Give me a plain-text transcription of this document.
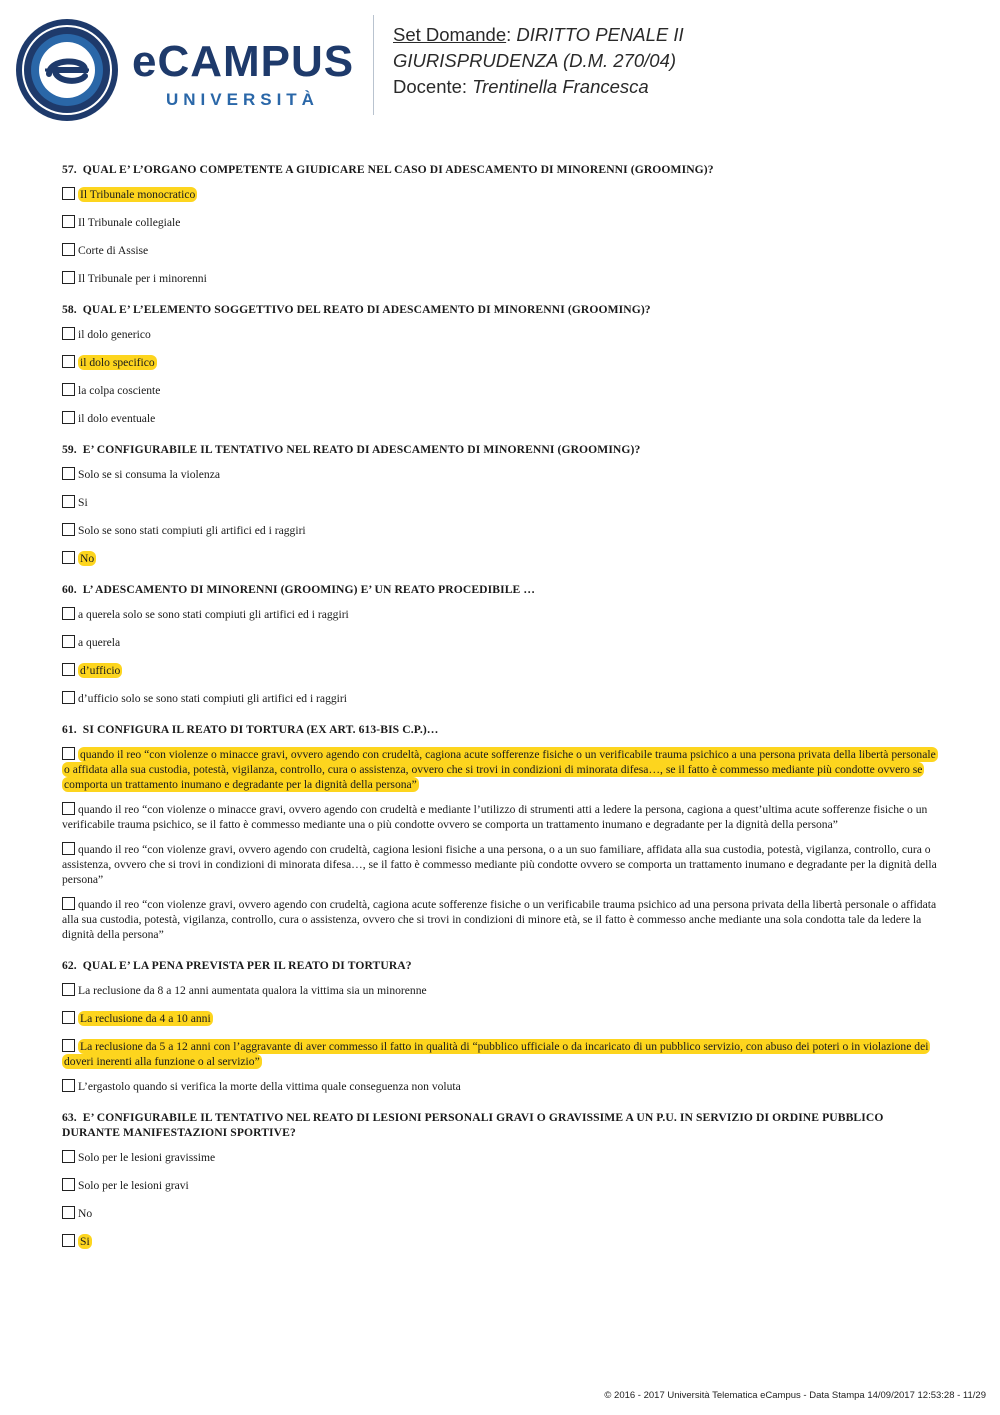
eCAMPUS
UNIVERSITÀ
Set Domande: DIRITTO PENALE II
GIURISPRUDENZA (D.M. 270/04)
Docente: Trentinella Francesca
57. QUAL E’ L’ORGANO COMPETENTE A GIUDICARE NEL CASO DI ADESCAMENTO DI MINORENNI (GROOMING)?
Il Tribunale monocratico
Il Tribunale collegiale
Corte di Assise
Il Tribunale per i minorenni
58. QUAL E’ L’ELEMENTO SOGGETTIVO DEL REATO DI ADESCAMENTO DI MINORENNI (GROOMING)?
il dolo generico
il dolo specifico
la colpa cosciente
il dolo eventuale
59. E’ CONFIGURABILE IL TENTATIVO NEL REATO DI ADESCAMENTO DI MINORENNI (GROOMING)?
Solo se si consuma la violenza
Si
Solo se sono stati compiuti gli artifici ed i raggiri
No
60. L’ ADESCAMENTO DI MINORENNI (GROOMING) E’ UN REATO PROCEDIBILE …
a querela solo se sono stati compiuti gli artifici ed i raggiri
a querela
d’ufficio
d’ufficio solo se sono stati compiuti gli artifici ed i raggiri
61. SI CONFIGURA IL REATO DI TORTURA (EX ART. 613-BIS C.P.)…
quando il reo “con violenze o minacce gravi, ovvero agendo con crudeltà, cagiona acute sofferenze fisiche o un verificabile trauma psichico a una persona privata della libertà personale o affidata alla sua custodia, potestà, vigilanza, controllo, cura o assistenza, ovvero che si trovi in condizioni di minorata difesa…, se il fatto è commesso mediante più condotte ovvero se comporta un trattamento inumano e degradante per la dignità della persona”
quando il reo “con violenze o minacce gravi, ovvero agendo con crudeltà e mediante l’utilizzo di strumenti atti a ledere la persona, cagiona a quest’ultima acute sofferenze fisiche o un verificabile trauma psichico, se il fatto è commesso mediante una o più condotte ovvero se comporta un trattamento inumano e degradante per la dignità della persona”
quando il reo “con violenze gravi, ovvero agendo con crudeltà, cagiona lesioni fisiche a una persona, o a un suo familiare, affidata alla sua custodia, potestà, vigilanza, controllo, cura o assistenza, ovvero che si trovi in condizioni di minorata difesa…, se il fatto è commesso mediante più condotte ovvero se comporta un trattamento inumano e degradante per la dignità della persona”
quando il reo “con violenze gravi, ovvero agendo con crudeltà, cagiona acute sofferenze fisiche o un verificabile trauma psichico ad una persona privata della libertà personale o affidata alla sua custodia, potestà, vigilanza, controllo, cura o assistenza, ovvero che si trovi in condizioni di minore età, se il fatto è commesso anche mediante una sola condotta tale da ledere la dignità della persona”
62. QUAL E’ LA PENA PREVISTA PER IL REATO DI TORTURA?
La reclusione da 8 a 12 anni aumentata qualora la vittima sia un minorenne
La reclusione da 4 a 10 anni
La reclusione da 5 a 12 anni con l’aggravante di aver commesso il fatto in qualità di “pubblico ufficiale o da incaricato di un pubblico servizio, con abuso dei poteri o in violazione dei doveri inerenti alla funzione o al servizio”
L’ergastolo quando si verifica la morte della vittima quale conseguenza non voluta
63. E’ CONFIGURABILE IL TENTATIVO NEL REATO DI LESIONI PERSONALI GRAVI O GRAVISSIME A UN P.U. IN SERVIZIO DI ORDINE PUBBLICO DURANTE MANIFESTAZIONI SPORTIVE?
Solo per le lesioni gravissime
Solo per le lesioni gravi
No
Si
© 2016 - 2017 Università Telematica eCampus - Data Stampa 14/09/2017 12:53:28 - 11/29
